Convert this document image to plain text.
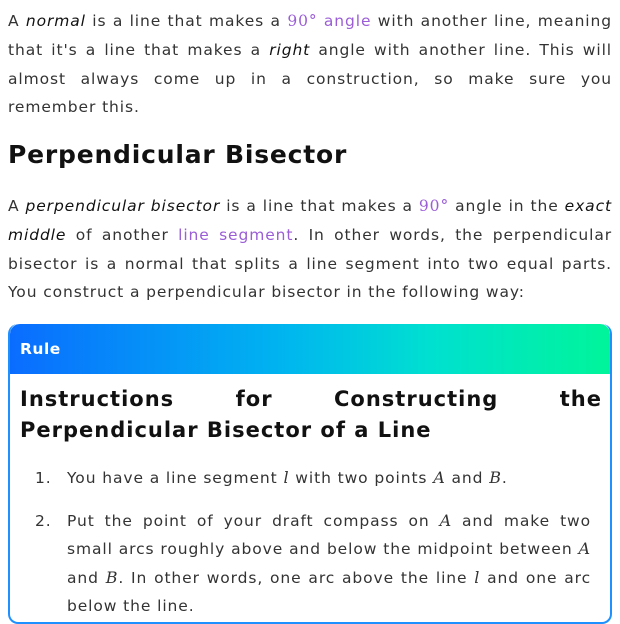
A normal is a line that makes a 90° angle with another line, meaning that it's a line that makes a right angle with another line. This will almost always come up in a construction, so make sure you remember this.

Perpendicular Bisector

A perpendicular bisector is a line that makes a 90° angle in the exact middle of another line segment. In other words, the perpendicular bisector is a normal that splits a line segment into two equal parts. You construct a perpendicular bisector in the following way:

Rule
Instructions for Constructing the Perpendicular Bisector of a Line
1. You have a line segment l with two points A and B.
2. Put the point of your draft compass on A and make two small arcs roughly above and below the midpoint between A and B. In other words, one arc above the line l and one arc below the line.
